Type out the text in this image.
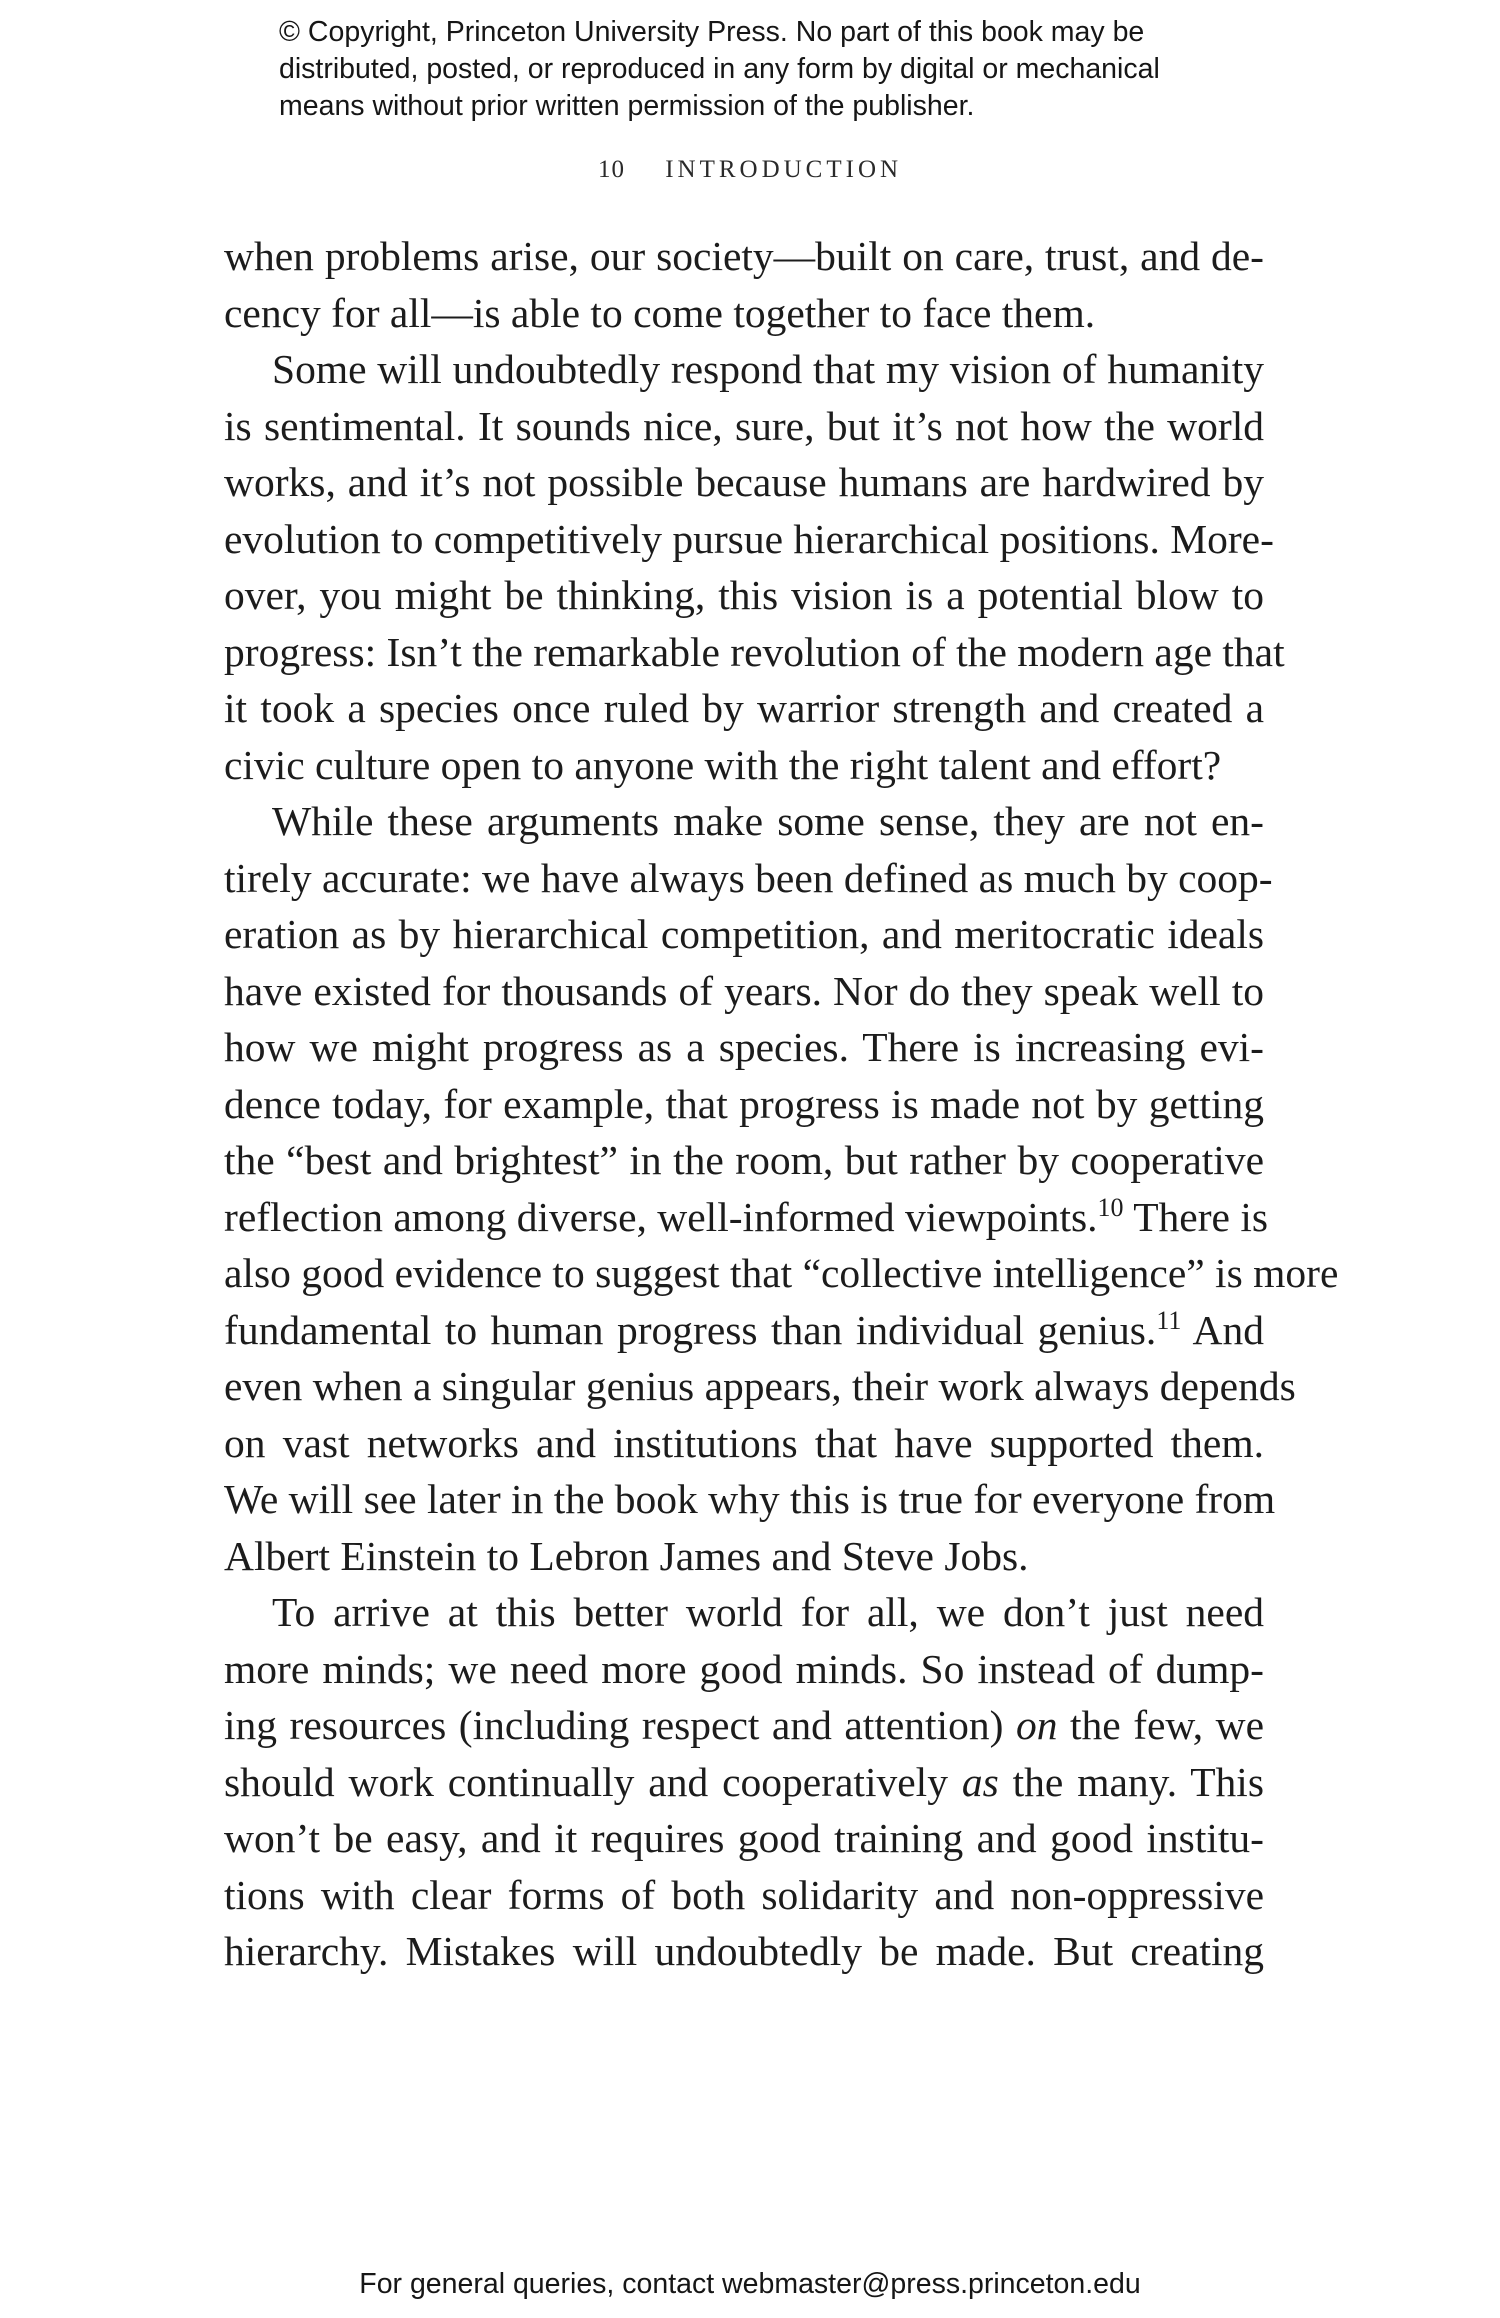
© Copyright, Princeton University Press. No part of this book may be
distributed, posted, or reproduced in any form by digital or mechanical
means without prior written permission of the publisher.
10 INTRODUCTION
when problems arise, our society—built on care, trust, and de-
cency for all—is able to come together to face them.
Some will undoubtedly respond that my vision of humanity
is sentimental. It sounds nice, sure, but it’s not how the world
works, and it’s not possible because humans are hardwired by
evolution to competitively pursue hierarchical positions. More-
over, you might be thinking, this vision is a potential blow to
progress: Isn’t the remarkable revolution of the modern age that
it took a species once ruled by warrior strength and created a
civic culture open to anyone with the right talent and effort?
While these arguments make some sense, they are not en-
tirely accurate: we have always been defined as much by coop-
eration as by hierarchical competition, and meritocratic ideals
have existed for thousands of years. Nor do they speak well to
how we might progress as a species. There is increasing evi-
dence today, for example, that progress is made not by getting
the “best and brightest” in the room, but rather by cooperative
reflection among diverse, well-informed viewpoints.$^{10}$ There is
also good evidence to suggest that “collective intelligence” is more
fundamental to human progress than individual genius.$^{11}$ And
even when a singular genius appears, their work always depends
on vast networks and institutions that have supported them.
We will see later in the book why this is true for everyone from
Albert Einstein to Lebron James and Steve Jobs.
To arrive at this better world for all, we don’t just need
more minds; we need more good minds. So instead of dump-
ing resources (including respect and attention) on the few, we
should work continually and cooperatively as the many. This
won’t be easy, and it requires good training and good institu-
tions with clear forms of both solidarity and non-oppressive
hierarchy. Mistakes will undoubtedly be made. But creating
For general queries, contact webmaster@press.princeton.edu
